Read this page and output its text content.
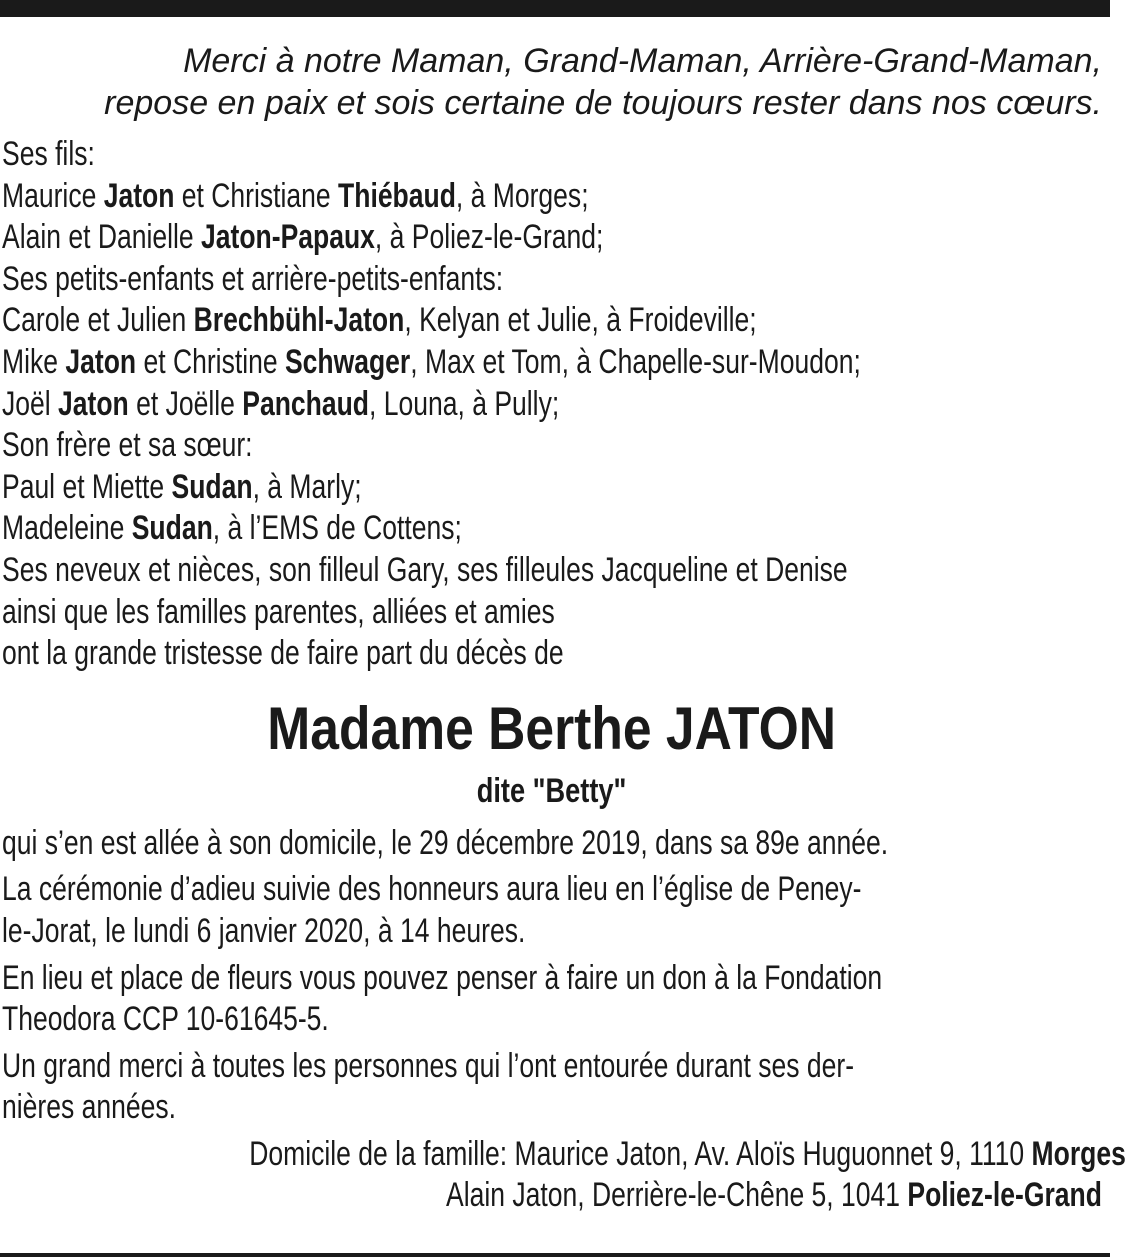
Merci à notre Maman, Grand-Maman, Arrière-Grand-Maman,
repose en paix et sois certaine de toujours rester dans nos cœurs.
Ses fils:
Maurice Jaton et Christiane Thiébaud, à Morges;
Alain et Danielle Jaton-Papaux, à Poliez-le-Grand;
Ses petits-enfants et arrière-petits-enfants:
Carole et Julien Brechbühl-Jaton, Kelyan et Julie, à Froideville;
Mike Jaton et Christine Schwager, Max et Tom, à Chapelle-sur-Moudon;
Joël Jaton et Joëlle Panchaud, Louna, à Pully;
Son frère et sa sœur:
Paul et Miette Sudan, à Marly;
Madeleine Sudan, à l’EMS de Cottens;
Ses neveux et nièces, son filleul Gary, ses filleules Jacqueline et Denise
ainsi que les familles parentes, alliées et amies
ont la grande tristesse de faire part du décès de
Madame Berthe JATON
dite "Betty"
qui s’en est allée à son domicile, le 29 décembre 2019, dans sa 89e année.
La cérémonie d’adieu suivie des honneurs aura lieu en l’église de Peney-
le-Jorat, le lundi 6 janvier 2020, à 14 heures.
En lieu et place de fleurs vous pouvez penser à faire un don à la Fondation
Theodora CCP 10-61645-5.
Un grand merci à toutes les personnes qui l’ont entourée durant ses der-
nières années.
Domicile de la famille: Maurice Jaton, Av. Aloïs Huguonnet 9, 1110 Morges
Alain Jaton, Derrière-le-Chêne 5, 1041 Poliez-le-Grand
